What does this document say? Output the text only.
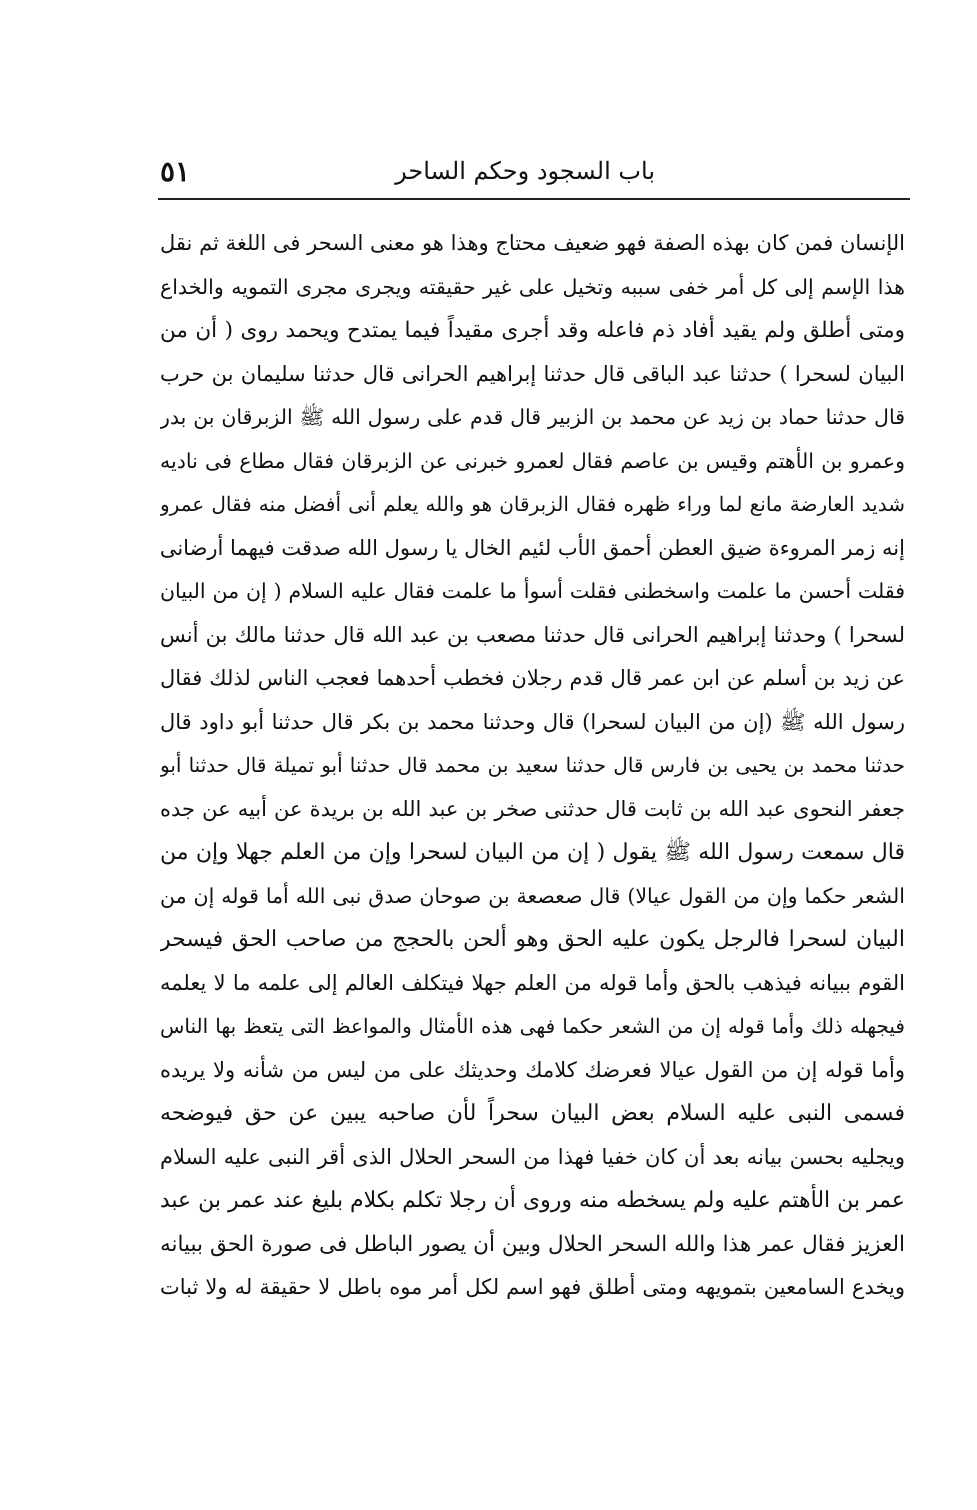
٥١	باب السجود وحكم الساحر
الإنسان فمن كان بهذه الصفة فهو ضعيف محتاج وهذا هو معنى السحر فى اللغة ثم نقل
هذا الإسم إلى كل أمر خفى سببه وتخيل على غير حقيقته ويجرى مجرى التمويه والخداع
ومتى أطلق ولم يقيد أفاد ذم فاعله وقد أجرى مقيداً فيما يمتدح ويحمد روى ( أن من
البيان لسحرا ) حدثنا عبد الباقى قال حدثنا إبراهيم الحرانى قال حدثنا سليمان بن حرب
قال حدثنا حماد بن زيد عن محمد بن الزبير قال قدم على رسول الله ﷺ الزبرقان بن بدر
وعمرو بن الأهتم وقيس بن عاصم فقال لعمرو خبرنى عن الزبرقان فقال مطاع فى ناديه
شديد العارضة مانع لما وراء ظهره فقال الزبرقان هو والله يعلم أنى أفضل منه فقال عمرو
إنه زمر المروءة ضيق العطن أحمق الأب لئيم الخال يا رسول الله صدقت فيهما أرضانى
فقلت أحسن ما علمت واسخطنى فقلت أسوأ ما علمت فقال عليه السلام ( إن من البيان
لسحرا ) وحدثنا إبراهيم الحرانى قال حدثنا مصعب بن عبد الله قال حدثنا مالك بن أنس
عن زيد بن أسلم عن ابن عمر قال قدم رجلان فخطب أحدهما فعجب الناس لذلك فقال
رسول الله ﷺ (إن من البيان لسحرا) قال وحدثنا محمد بن بكر قال حدثنا أبو داود قال
حدثنا محمد بن يحيى بن فارس قال حدثنا سعيد بن محمد قال حدثنا أبو تميلة قال حدثنا أبو
جعفر النحوى عبد الله بن ثابت قال حدثنى صخر بن عبد الله بن بريدة عن أبيه عن جده
قال سمعت رسول الله ﷺ يقول ( إن من البيان لسحرا وإن من العلم جهلا وإن من
الشعر حكما وإن من القول عيالا) قال صعصعة بن صوحان صدق نبى الله أما قوله إن من
البيان لسحرا فالرجل يكون عليه الحق وهو ألحن بالحجج من صاحب الحق فيسحر
القوم ببيانه فيذهب بالحق وأما قوله من العلم جهلا فيتكلف العالم إلى علمه ما لا يعلمه
فيجهله ذلك وأما قوله إن من الشعر حكما فهى هذه الأمثال والمواعظ التى يتعظ بها الناس
وأما قوله إن من القول عيالا فعرضك كلامك وحديثك على من ليس من شأنه ولا يريده
فسمى النبى عليه السلام بعض البيان سحراً لأن صاحبه يبين عن حق فيوضحه
ويجليه بحسن بيانه بعد أن كان خفيا فهذا من السحر الحلال الذى أقر النبى عليه السلام
عمر بن الأهتم عليه ولم يسخطه منه وروى أن رجلا تكلم بكلام بليغ عند عمر بن عبد
العزيز فقال عمر هذا والله السحر الحلال وبين أن يصور الباطل فى صورة الحق ببيانه
ويخدع السامعين بتمويهه ومتى أطلق فهو اسم لكل أمر موه باطل لا حقيقة له ولا ثبات
